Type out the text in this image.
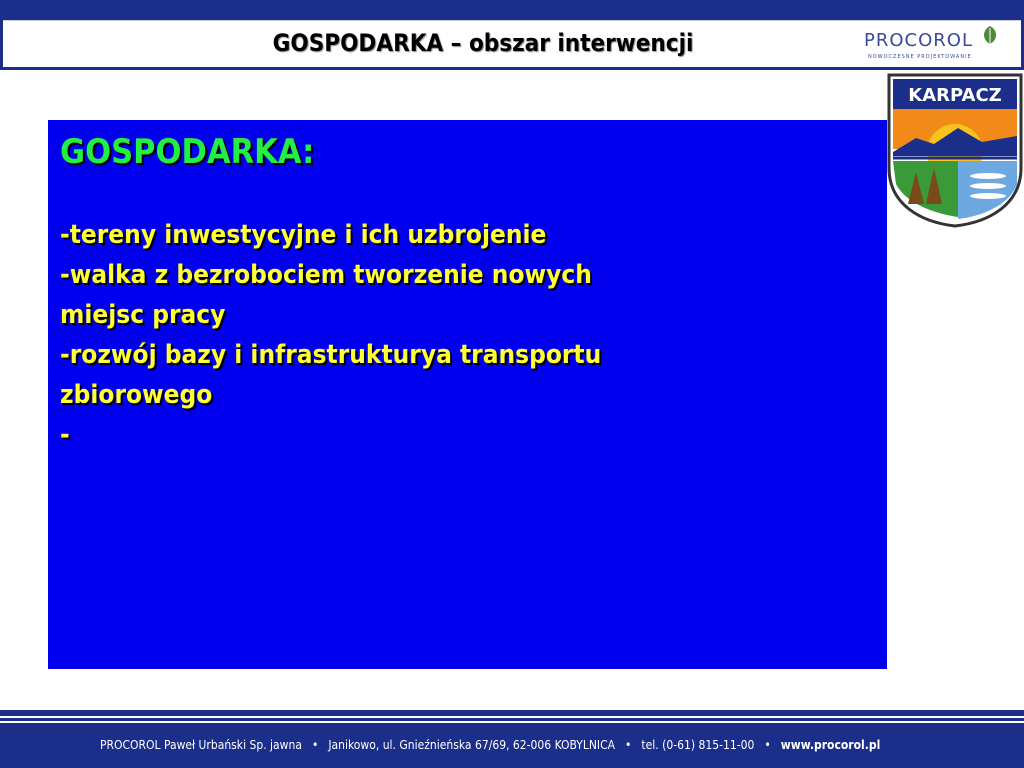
GOSPODARKA – obszar interwencji	PROCOROL
NOWOCZESNE PROJEKTOWANIE
KARPACZ
GOSPODARKA:
-tereny inwestycyjne i ich uzbrojenie
-walka z bezrobociem tworzenie nowych
miejsc pracy
-rozwój bazy i infrastrukturya transportu
zbiorowego
-
PROCOROL Paweł Urbański Sp. jawna • Janikowo, ul. Gnieźnieńska 67/69, 62-006 KOBYLNICA • tel. (0-61) 815-11-00 • www.procorol.pl
